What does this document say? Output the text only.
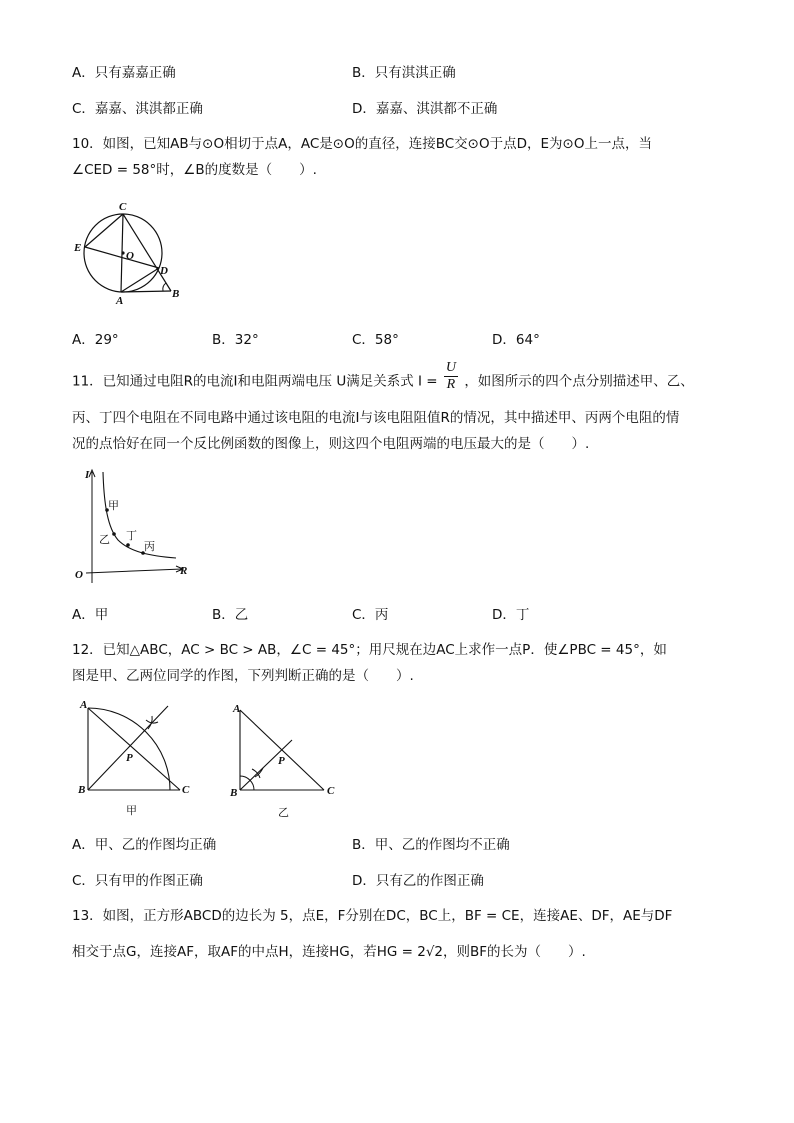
A．只有嘉嘉正确	B．只有淇淇正确
C．嘉嘉、淇淇都正确	D．嘉嘉、淇淇都不正确
10．如图，已知AB与⊙O相切于点A，AC是⊙O的直径，连接BC交⊙O于点D，E为⊙O上一点，当
∠CED = 58°时，∠B的度数是（　　）.
C
E
O
D
A
B
A．29°	B．32°	C．58°	D．64°
11．已知通过电阻R的电流I和电阻两端电压 U满足关系式 $I = \frac{U}{R}$ ，如图所示的四个点分别描述甲、乙、
丙、丁四个电阻在不同电路中通过该电阻的电流I与该电阻阻值R的情况，其中描述甲、丙两个电阻的情
况的点恰好在同一个反比例函数的图像上，则这四个电阻两端的电压最大的是（　　）.
I
O	R
甲
乙 丁
丙
A．甲	B．乙	C．丙	D．丁
12．已知△ABC，AC > BC > AB，∠C = 45°；用尺规在边AC上求作一点P．使∠PBC = 45°，如
图是甲、乙两位同学的作图，下列判断正确的是（　　）.
A
P
B	C
甲
A
P
B	C
乙
A．甲、乙的作图均正确	B．甲、乙的作图均不正确
C．只有甲的作图正确	D．只有乙的作图正确
13．如图，正方形ABCD的边长为 5，点E，F分别在DC，BC上，BF = CE，连接AE、DF，AE与DF
相交于点G，连接AF，取AF的中点H，连接HG，若HG = 2√2，则BF的长为（　　）.
